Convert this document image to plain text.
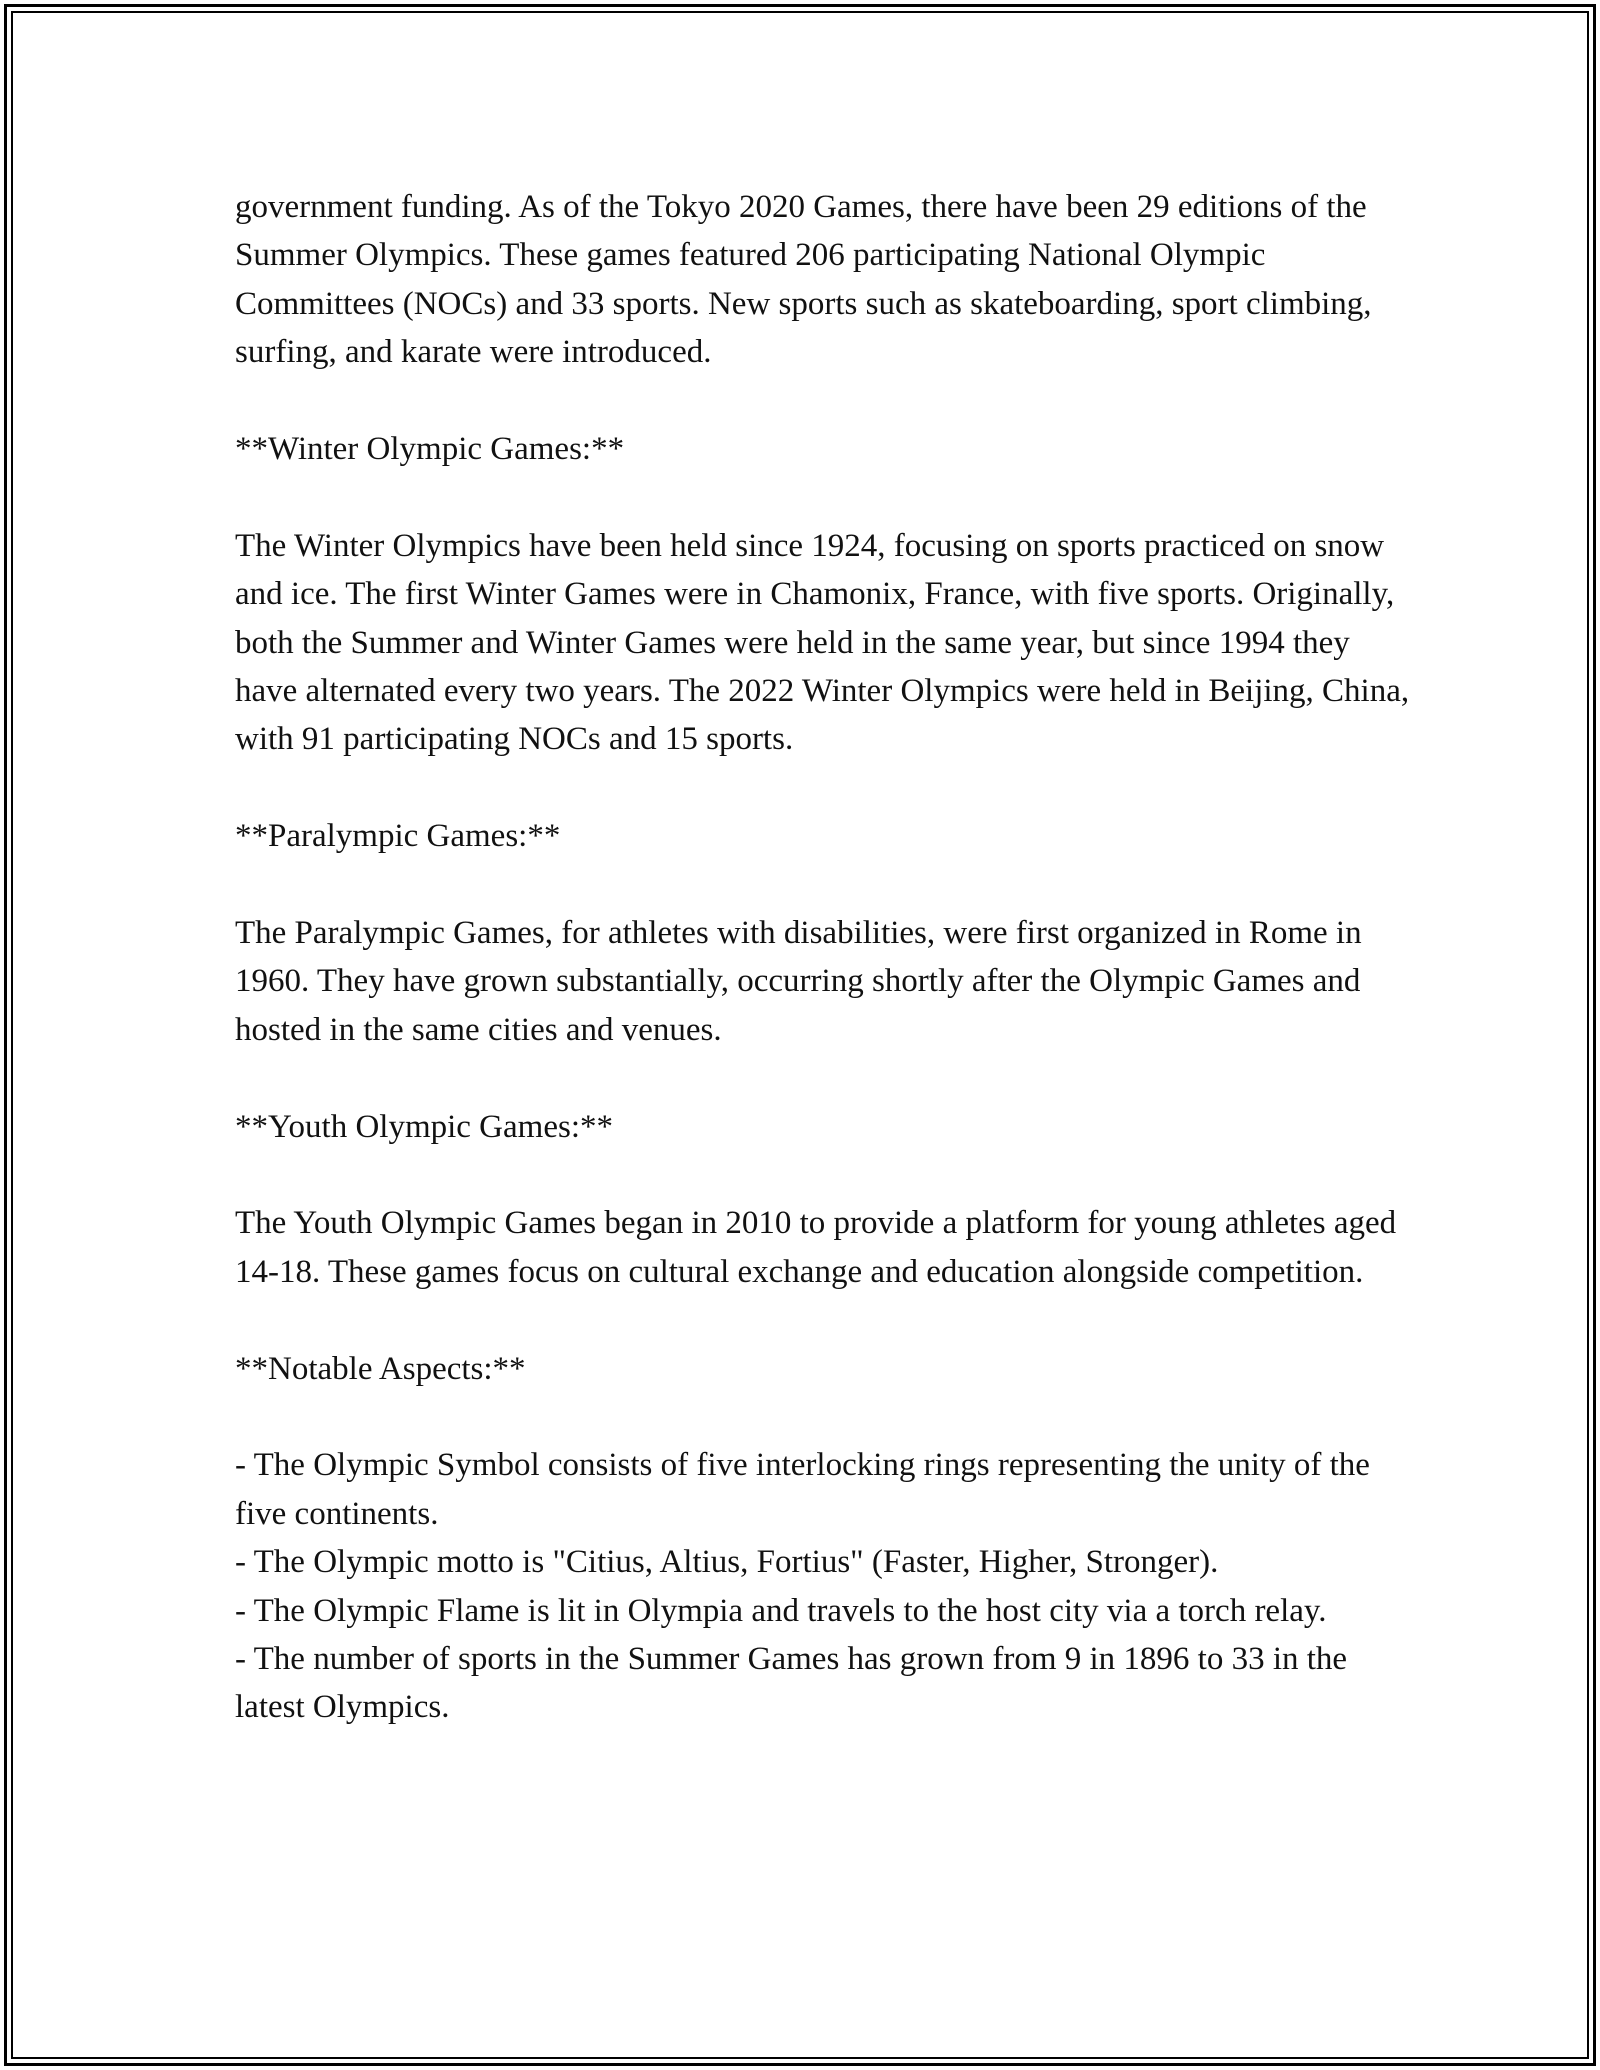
government funding. As of the Tokyo 2020 Games, there have been 29 editions of the Summer Olympics. These games featured 206 participating National Olympic Committees (NOCs) and 33 sports. New sports such as skateboarding, sport climbing, surfing, and karate were introduced.

**Winter Olympic Games:**

The Winter Olympics have been held since 1924, focusing on sports practiced on snow and ice. The first Winter Games were in Chamonix, France, with five sports. Originally, both the Summer and Winter Games were held in the same year, but since 1994 they have alternated every two years. The 2022 Winter Olympics were held in Beijing, China, with 91 participating NOCs and 15 sports.

**Paralympic Games:**

The Paralympic Games, for athletes with disabilities, were first organized in Rome in 1960. They have grown substantially, occurring shortly after the Olympic Games and hosted in the same cities and venues.

**Youth Olympic Games:**

The Youth Olympic Games began in 2010 to provide a platform for young athletes aged 14-18. These games focus on cultural exchange and education alongside competition.

**Notable Aspects:**

- The Olympic Symbol consists of five interlocking rings representing the unity of the five continents.
- The Olympic motto is "Citius, Altius, Fortius" (Faster, Higher, Stronger).
- The Olympic Flame is lit in Olympia and travels to the host city via a torch relay.
- The number of sports in the Summer Games has grown from 9 in 1896 to 33 in the latest Olympics.
